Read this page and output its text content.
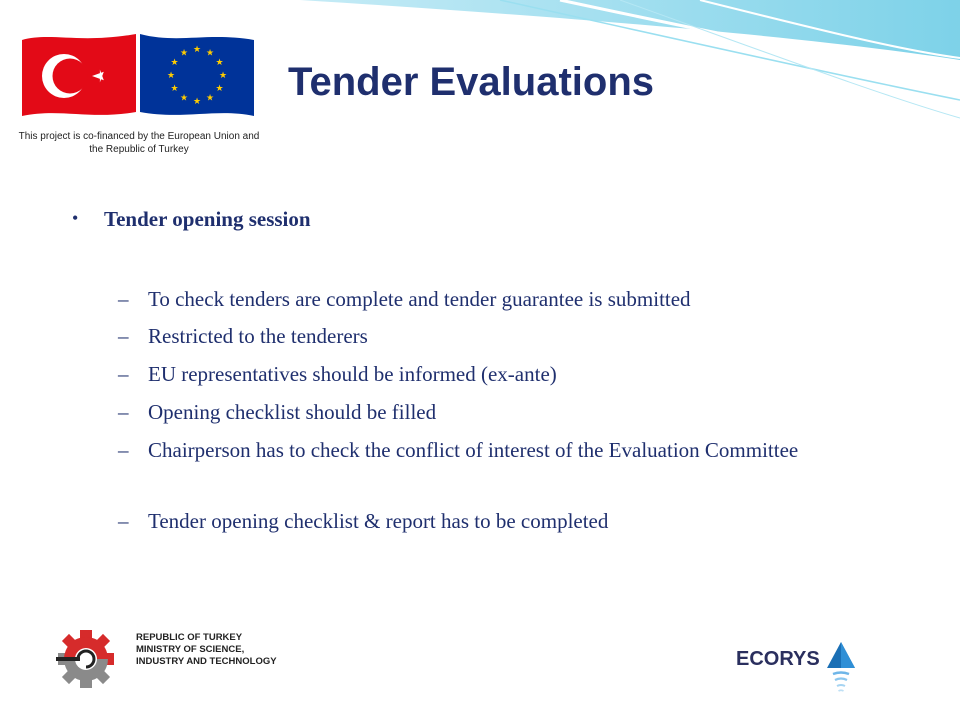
★ ★
★
★
★
★
★
★
★
★
★
★
This project is co-financed by the European Union and the Republic of Turkey
Tender Evaluations
•	Tender opening session
– To check tenders are complete and tender guarantee is submitted
– Restricted to the tenderers
– EU representatives should be informed (ex-ante)
– Opening checklist should be filled
– Chairperson has to check the conflict of interest of the Evaluation Committee
– Tender opening checklist & report has to be completed
REPUBLIC OF TURKEY
MINISTRY OF SCIENCE,
INDUSTRY AND TECHNOLOGY	ECORYS
